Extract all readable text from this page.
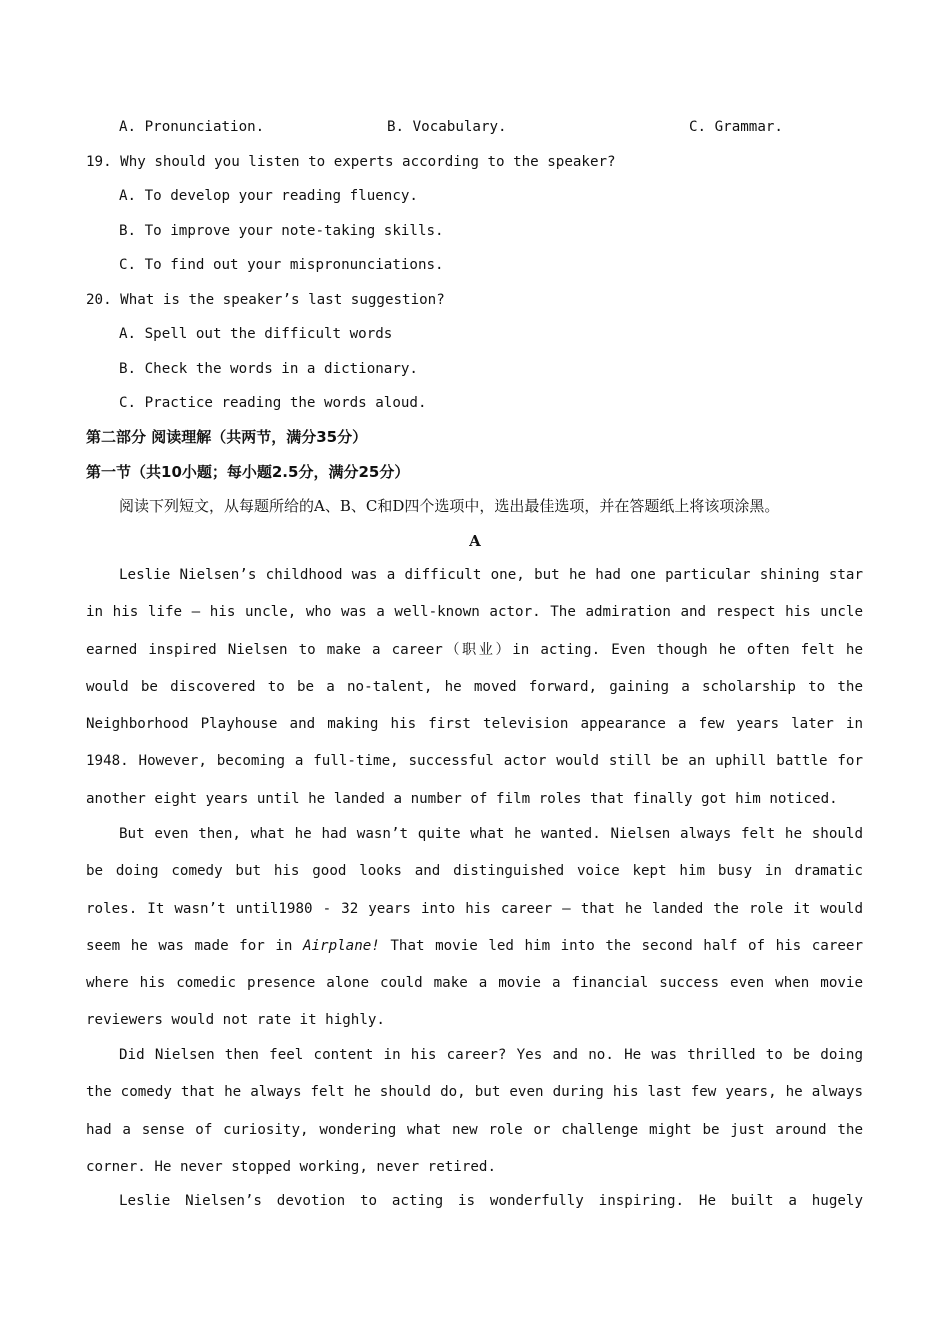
A. Pronunciation.	B. Vocabulary.	C. Grammar.
19. Why should you listen to experts according to the speaker?
A. To develop your reading fluency.
B. To improve your note-taking skills.
C. To find out your mispronunciations.
20. What is the speaker’s last suggestion?
A. Spell out the difficult words
B. Check the words in a dictionary.
C. Practice reading the words aloud.
第二部分 阅读理解（共两节，满分35分）
第一节（共10小题；每小题2.5分，满分25分）
阅读下列短文，从每题所给的A、B、C和D四个选项中，选出最佳选项，并在答题纸上将该项涂黑。
A
Leslie Nielsen’s childhood was a difficult one, but he had one particular shining star in his life — his uncle, who was a well-known actor. The admiration and respect his uncle earned inspired Nielsen to make a career（职业）in acting. Even though he often felt he would be discovered to be a no-talent, he moved forward, gaining a scholarship to the Neighborhood Playhouse and making his first television appearance a few years later in 1948. However, becoming a full-time, successful actor would still be an uphill battle for another eight years until he landed a number of film roles that finally got him noticed.
But even then, what he had wasn’t quite what he wanted. Nielsen always felt he should be doing comedy but his good looks and distinguished voice kept him busy in dramatic roles. It wasn’t until1980 - 32 years into his career — that he landed the role it would seem he was made for in Airplane! That movie led him into the second half of his career where his comedic presence alone could make a movie a financial success even when movie reviewers would not rate it highly.
Did Nielsen then feel content in his career? Yes and no. He was thrilled to be doing the comedy that he always felt he should do, but even during his last few years, he always had a sense of curiosity, wondering what new role or challenge might be just around the corner. He never stopped working, never retired.
Leslie Nielsen’s devotion to acting is wonderfully inspiring. He built a hugely
